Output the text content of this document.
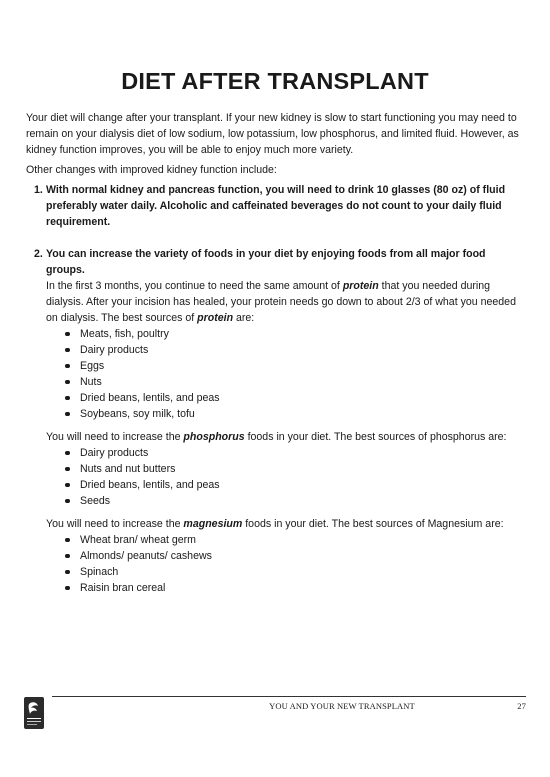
DIET AFTER TRANSPLANT

Your diet will change after your transplant. If your new kidney is slow to start functioning you may need to remain on your dialysis diet of low sodium, low potassium, low phosphorus, and limited fluid. However, as kidney function improves, you will be able to enjoy much more variety.

Other changes with improved kidney function include:

1. With normal kidney and pancreas function, you will need to drink 10 glasses (80 oz) of fluid preferably water daily. Alcoholic and caffeinated beverages do not count to your daily fluid requirement.
2. You can increase the variety of foods in your diet by enjoying foods from all major food groups.

In the first 3 months, you continue to need the same amount of protein that you needed during dialysis. After your incision has healed, your protein needs go down to about 2/3 of what you needed on dialysis. The best sources of protein are:

Meats, fish, poultry
Dairy products
Eggs
Nuts
Dried beans, lentils, and peas
Soybeans, soy milk, tofu

You will need to increase the phosphorus foods in your diet. The best sources of phosphorus are:

Dairy products
Nuts and nut butters
Dried beans, lentils, and peas
Seeds

You will need to increase the magnesium foods in your diet. The best sources of Magnesium are:

Wheat bran/ wheat germ
Almonds/ peanuts/ cashews
Spinach
Raisin bran cereal
YOU AND YOUR NEW TRANSPLANT	27
